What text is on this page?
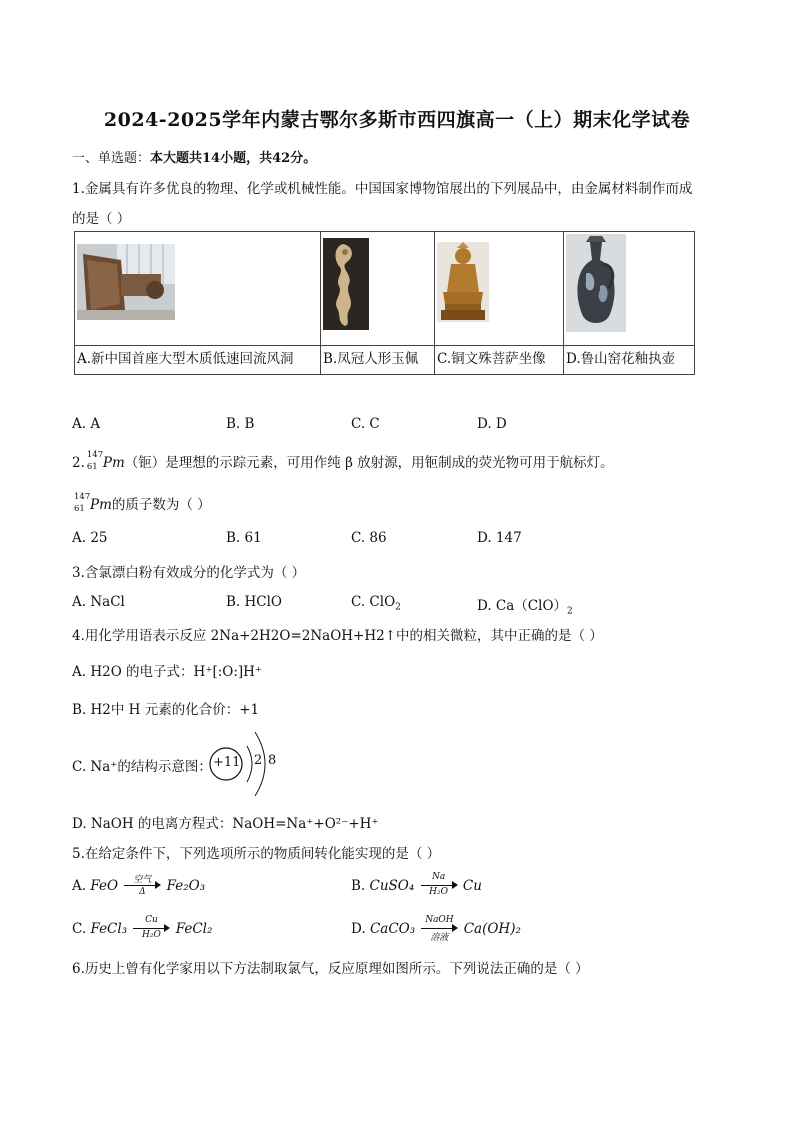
2024-2025学年内蒙古鄂尔多斯市西四旗高一（上）期末化学试卷
一、单选题：本大题共14小题，共42分。
1.金属具有许多优良的物理、化学或机械性能。中国国家博物馆展出的下列展品中，由金属材料制作而成
的是（ ）

A.新中国首座大型木质低速回流风洞	B.凤冠人形玉佩	C.铜文殊菩萨坐像	D.鲁山窑花釉执壶
A. A	B. B	C. C	D. D
2. 147
61 Pm（钷）是理想的示踪元素，可用作纯 β 放射源，用钷制成的荧光物可用于航标灯。
147
61 Pm的质子数为（ ）
A. 25	B. 61	C. 86	D. 147
3.含氯漂白粉有效成分的化学式为（ ）
A. NaCl	B. HClO	C. ClO$_2$	D. $Ca(ClO)_2$
4.用化学用语表示反应 2Na+2H2O=2NaOH+H2↑中的相关微粒，其中正确的是（ ）
A. H2O 的电子式：H⁺[:O:]H⁺
B. H2中 H 元素的化合价：+1
C. Na⁺的结构示意图： +11 2 8
D. NaOH 的电离方程式：NaOH=Na⁺+O²⁻+H⁺
5.在给定条件下，下列选项所示的物质间转化能实现的是（ ）
A. FeO	空气
Δ	Fe₂O₃	B. CuSO₄ $\frac{Na}{\text{H₂O}}$ Cu
C. FeCl₃ $\frac{Cu}{\text{H₂O}}$ FeCl₂	D. CaCO₃
NaOH
溶液
Ca(OH)₂
6.历史上曾有化学家用以下方法制取氯气，反应原理如图所示。下列说法正确的是（ ）
